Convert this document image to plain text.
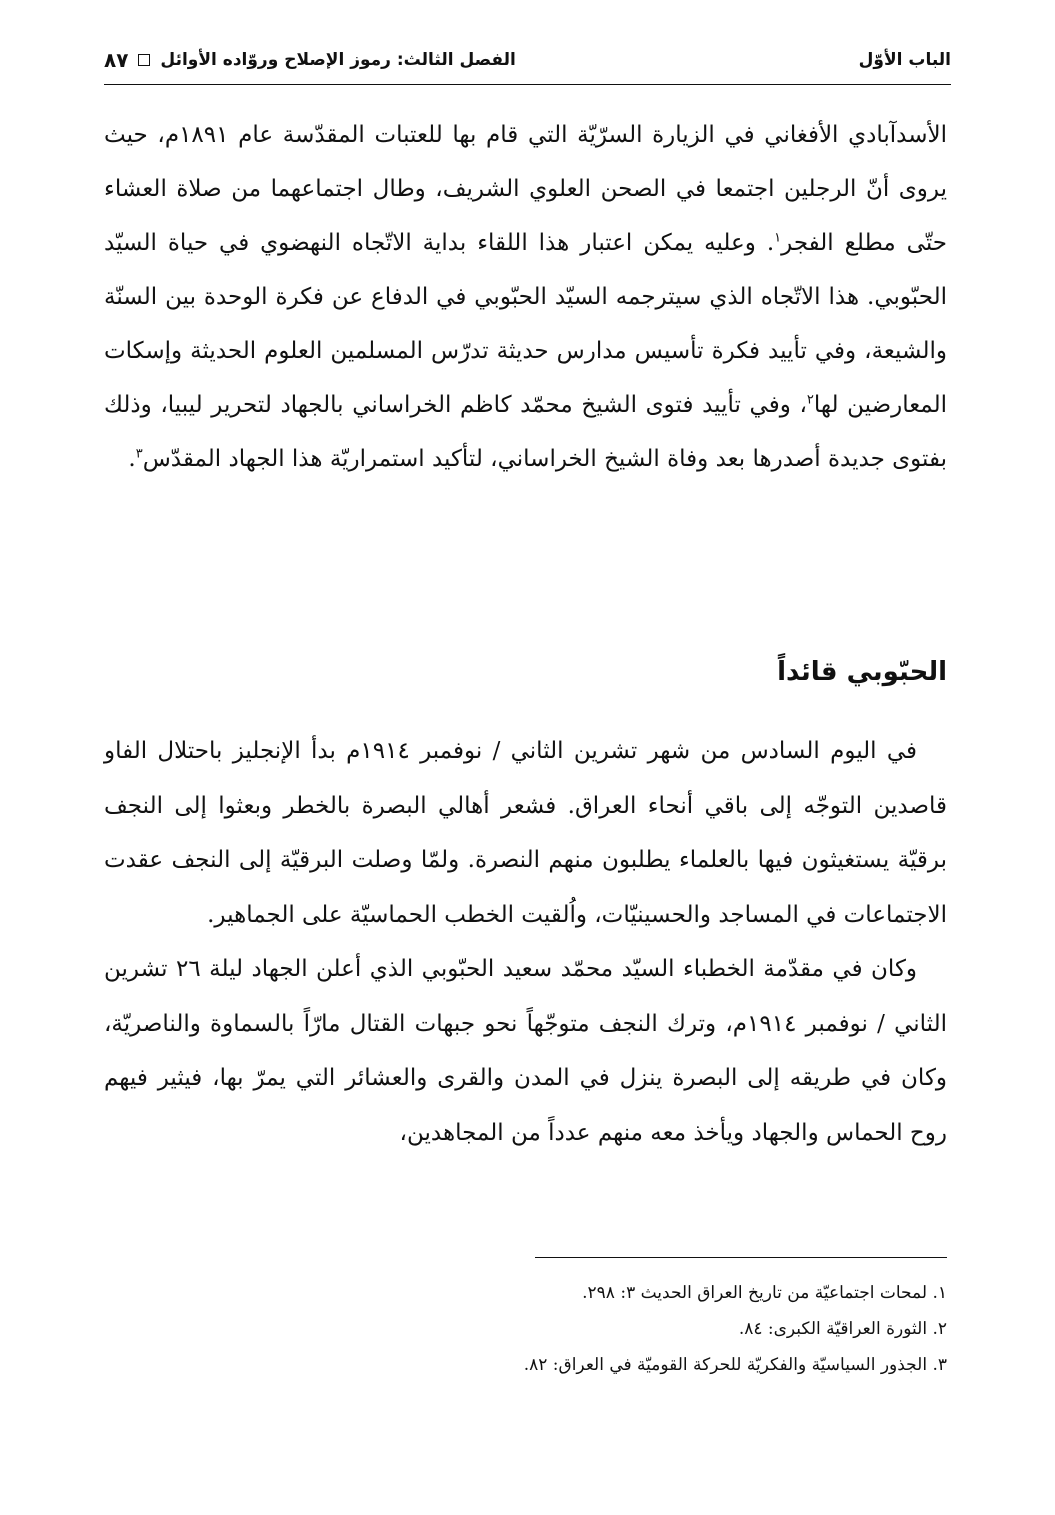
الباب الأوّل
الفصل الثالث: رموز الإصلاح وروّاده الأوائل
٨٧

الأسدآبادي الأفغاني في الزيارة السرّيّة التي قام بها للعتبات المقدّسة عام ١٨٩١م، حيث يروى أنّ الرجلين اجتمعا في الصحن العلوي الشريف، وطال اجتماعهما من صلاة العشاء حتّى مطلع الفجر$^١$. وعليه يمكن اعتبار هذا اللقاء بداية الاتّجاه النهضوي في حياة السيّد الحبّوبي. هذا الاتّجاه الذي سيترجمه السيّد الحبّوبي في الدفاع عن فكرة الوحدة بين السنّة والشيعة، وفي تأييد فكرة تأسيس مدارس حديثة تدرّس المسلمين العلوم الحديثة وإسكات المعارضين لها$^٢$، وفي تأييد فتوى الشيخ محمّد كاظم الخراساني بالجهاد لتحرير ليبيا، وذلك بفتوى جديدة أصدرها بعد وفاة الشيخ الخراساني، لتأكيد استمراريّة هذا الجهاد المقدّس$^٣$.

الحبّوبي قائداً

في اليوم السادس من شهر تشرين الثاني / نوفمبر ١٩١٤م بدأ الإنجليز باحتلال الفاو قاصدين التوجّه إلى باقي أنحاء العراق. فشعر أهالي البصرة بالخطر وبعثوا إلى النجف برقيّة يستغيثون فيها بالعلماء يطلبون منهم النصرة. ولمّا وصلت البرقيّة إلى النجف عقدت الاجتماعات في المساجد والحسينيّات، واُلقيت الخطب الحماسيّة على الجماهير.

وكان في مقدّمة الخطباء السيّد محمّد سعيد الحبّوبي الذي أعلن الجهاد ليلة ٢٦ تشرين الثاني / نوفمبر ١٩١٤م، وترك النجف متوجّهاً نحو جبهات القتال مارّاً بالسماوة والناصريّة، وكان في طريقه إلى البصرة ينزل في المدن والقرى والعشائر التي يمرّ بها، فيثير فيهم روح الحماس والجهاد ويأخذ معه منهم عدداً من المجاهدين،

١. لمحات اجتماعيّة من تاريخ العراق الحديث ٣: ٢٩٨.
٢. الثورة العراقيّة الكبرى: ٨٤.
٣. الجذور السياسيّة والفكريّة للحركة القوميّة في العراق: ٨٢.
